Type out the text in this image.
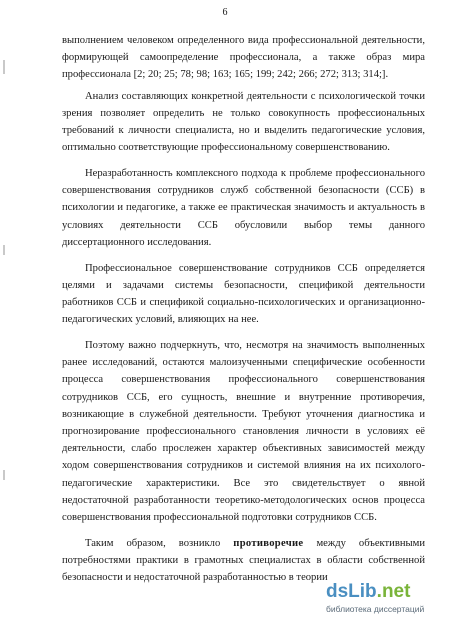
6

выполнением человеком определенного вида профессиональной деятельности, формирующей самоопределение профессионала, а также образ мира профессионала [2; 20; 25; 78; 98; 163; 165; 199; 242; 266; 272; 313; 314;].

Анализ составляющих конкретной деятельности с психологической точки зрения позволяет определить не только совокупность профессиональных требований к личности специалиста, но и выделить педагогические условия, оптимально соответствующие профессиональному совершенствованию.

Неразработанность комплексного подхода к проблеме профессионального совершенствования сотрудников служб собственной безопасности (ССБ) в психологии и педагогике, а также ее практическая значимость и актуальность в условиях деятельности ССБ обусловили выбор темы данного диссертационного исследования.

Профессиональное совершенствование сотрудников ССБ определяется целями и задачами системы безопасности, спецификой деятельности работников ССБ и спецификой социально-психологических и организационно-педагогических условий, влияющих на нее.

Поэтому важно подчеркнуть, что, несмотря на значимость выполненных ранее исследований, остаются малоизученными специфические особенности процесса совершенствования профессионального совершенствования сотрудников ССБ, его сущность, внешние и внутренние противоречия, возникающие в служебной деятельности. Требуют уточнения диагностика и прогнозирование профессионального становления личности в условиях её деятельности, слабо прослежен характер объективных зависимостей между ходом совершенствования сотрудников и системой влияния на их психолого-педагогические характеристики. Все это свидетельствует о явной недостаточной разработанности теоретико-методологических основ процесса совершенствования профессиональной подготовки сотрудников ССБ.

Таким образом, возникло противоречие между объективными потребностями практики в грамотных специалистах в области собственной безопасности и недостаточной разработанностью в теории

dsLib.net
библиотека диссертаций
